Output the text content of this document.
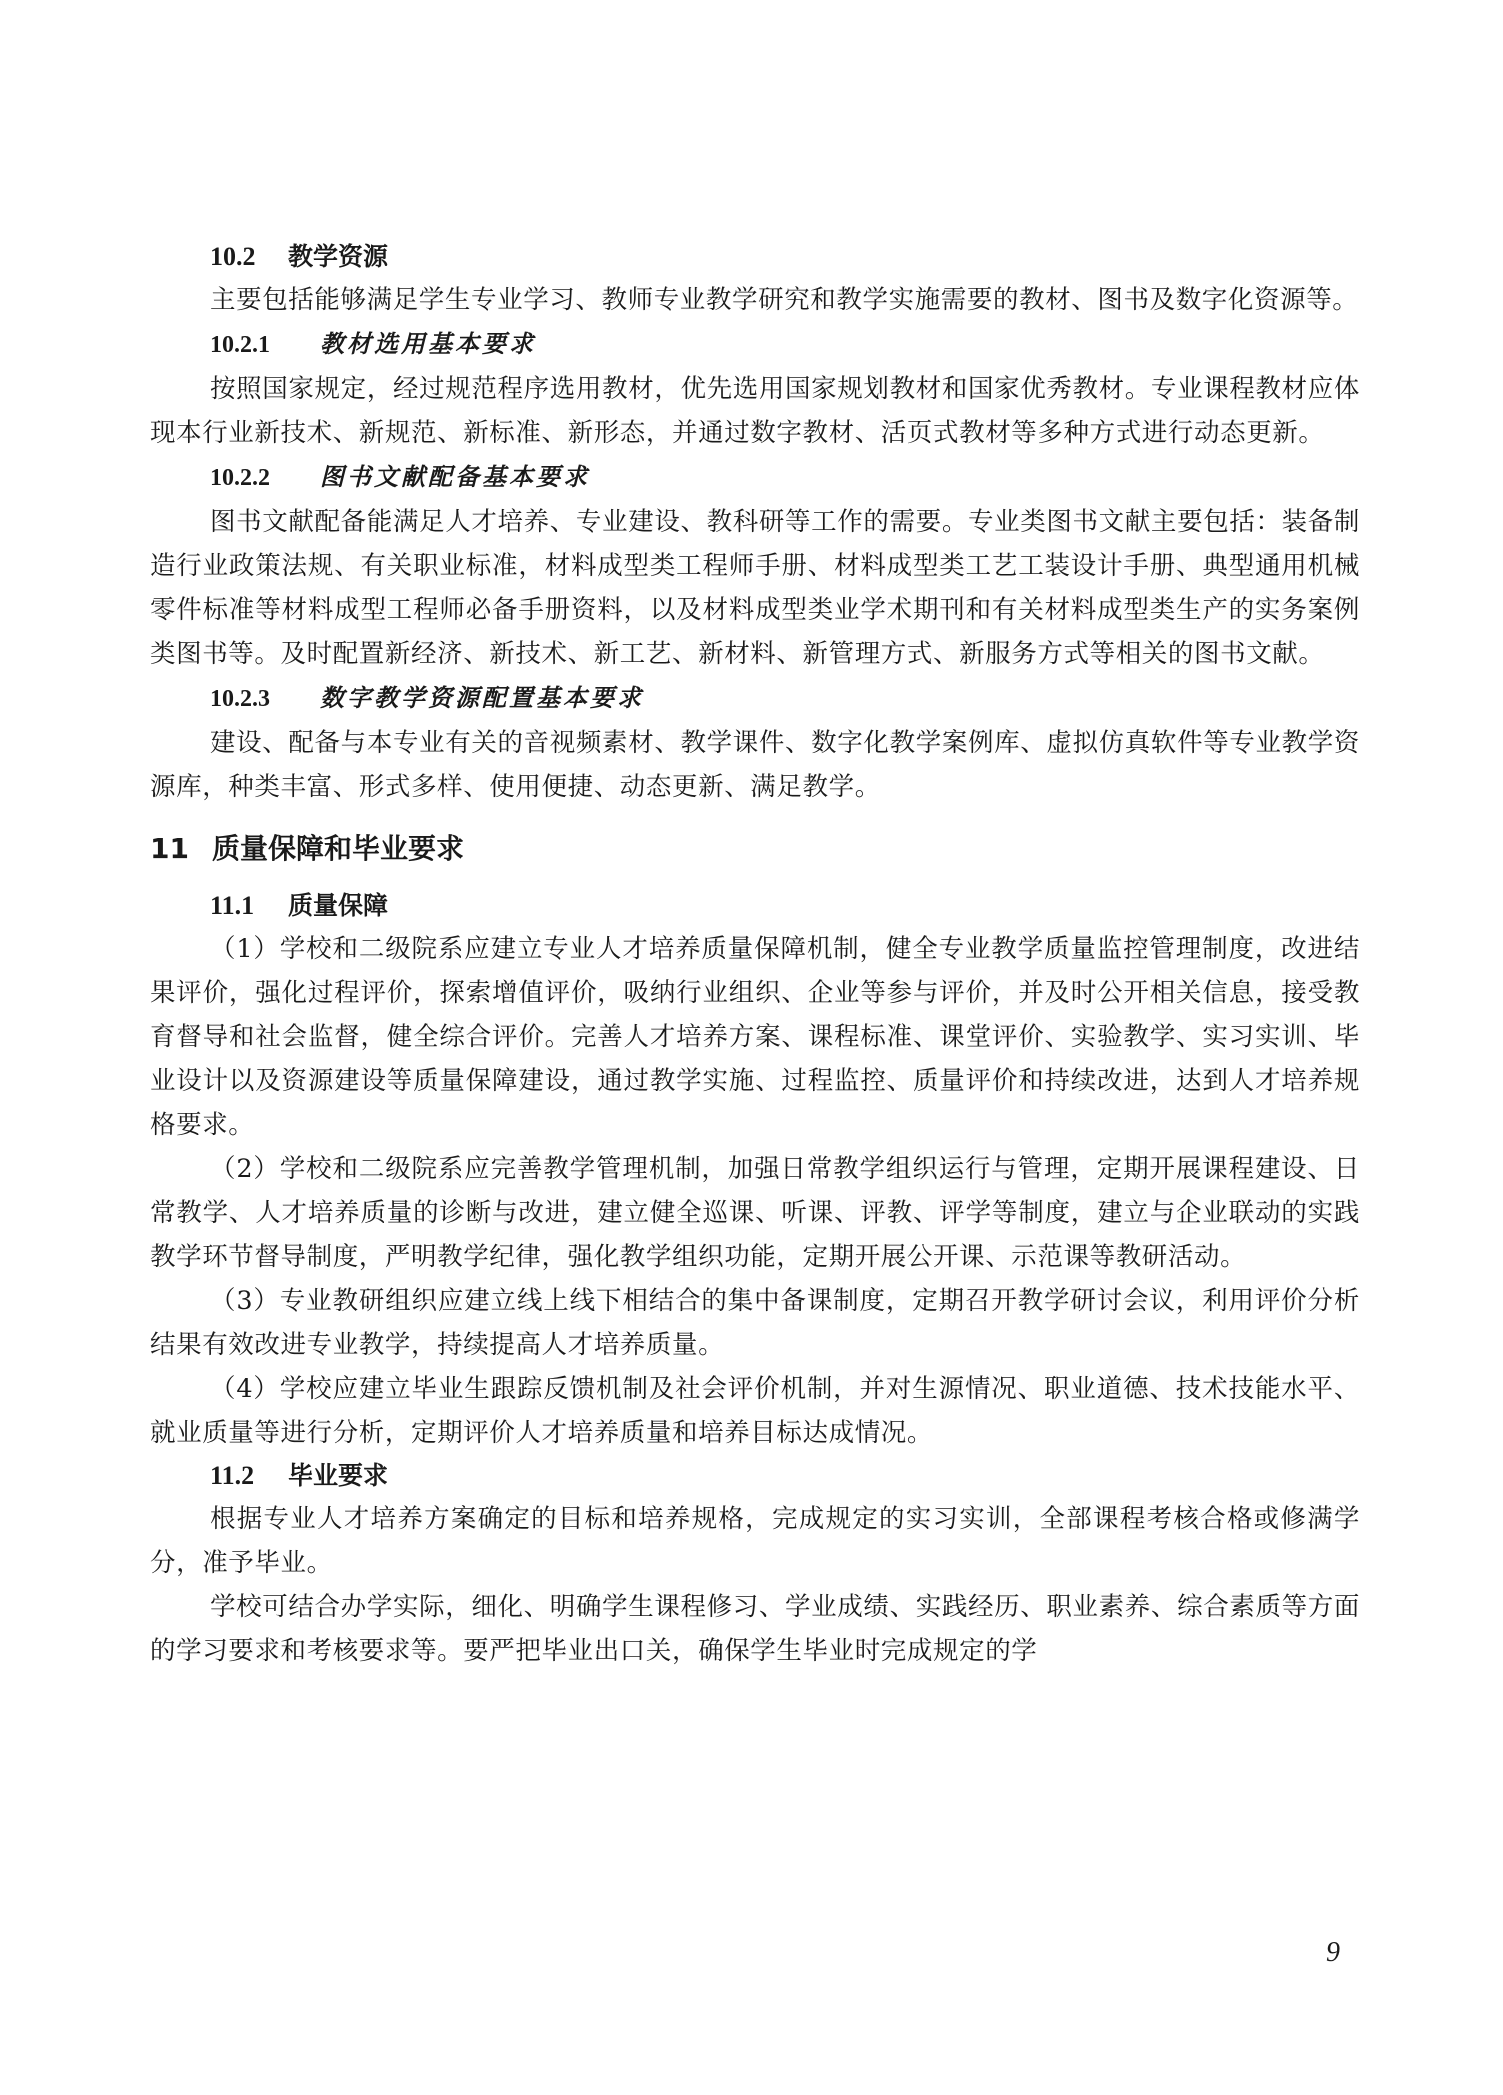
10.2 教学资源

主要包括能够满足学生专业学习、教师专业教学研究和教学实施需要的教材、图书及数字化资源等。

10.2.1 教材选用基本要求

按照国家规定，经过规范程序选用教材，优先选用国家规划教材和国家优秀教材。专业课程教材应体现本行业新技术、新规范、新标准、新形态，并通过数字教材、活页式教材等多种方式进行动态更新。

10.2.2 图书文献配备基本要求

图书文献配备能满足人才培养、专业建设、教科研等工作的需要。专业类图书文献主要包括：装备制造行业政策法规、有关职业标准，材料成型类工程师手册、材料成型类工艺工装设计手册、典型通用机械零件标准等材料成型工程师必备手册资料，以及材料成型类业学术期刊和有关材料成型类生产的实务案例类图书等。及时配置新经济、新技术、新工艺、新材料、新管理方式、新服务方式等相关的图书文献。

10.2.3 数字教学资源配置基本要求

建设、配备与本专业有关的音视频素材、教学课件、数字化教学案例库、虚拟仿真软件等专业教学资源库，种类丰富、形式多样、使用便捷、动态更新、满足教学。

11 质量保障和毕业要求
11.1 质量保障

（1）学校和二级院系应建立专业人才培养质量保障机制，健全专业教学质量监控管理制度，改进结果评价，强化过程评价，探索增值评价，吸纳行业组织、企业等参与评价，并及时公开相关信息，接受教育督导和社会监督，健全综合评价。完善人才培养方案、课程标准、课堂评价、实验教学、实习实训、毕业设计以及资源建设等质量保障建设，通过教学实施、过程监控、质量评价和持续改进，达到人才培养规格要求。

（2）学校和二级院系应完善教学管理机制，加强日常教学组织运行与管理，定期开展课程建设、日常教学、人才培养质量的诊断与改进，建立健全巡课、听课、评教、评学等制度，建立与企业联动的实践教学环节督导制度，严明教学纪律，强化教学组织功能，定期开展公开课、示范课等教研活动。

（3）专业教研组织应建立线上线下相结合的集中备课制度，定期召开教学研讨会议，利用评价分析结果有效改进专业教学，持续提高人才培养质量。

（4）学校应建立毕业生跟踪反馈机制及社会评价机制，并对生源情况、职业道德、技术技能水平、就业质量等进行分析，定期评价人才培养质量和培养目标达成情况。

11.2 毕业要求

根据专业人才培养方案确定的目标和培养规格，完成规定的实习实训，全部课程考核合格或修满学分，准予毕业。

学校可结合办学实际，细化、明确学生课程修习、学业成绩、实践经历、职业素养、综合素质等方面的学习要求和考核要求等。要严把毕业出口关，确保学生毕业时完成规定的学

9
